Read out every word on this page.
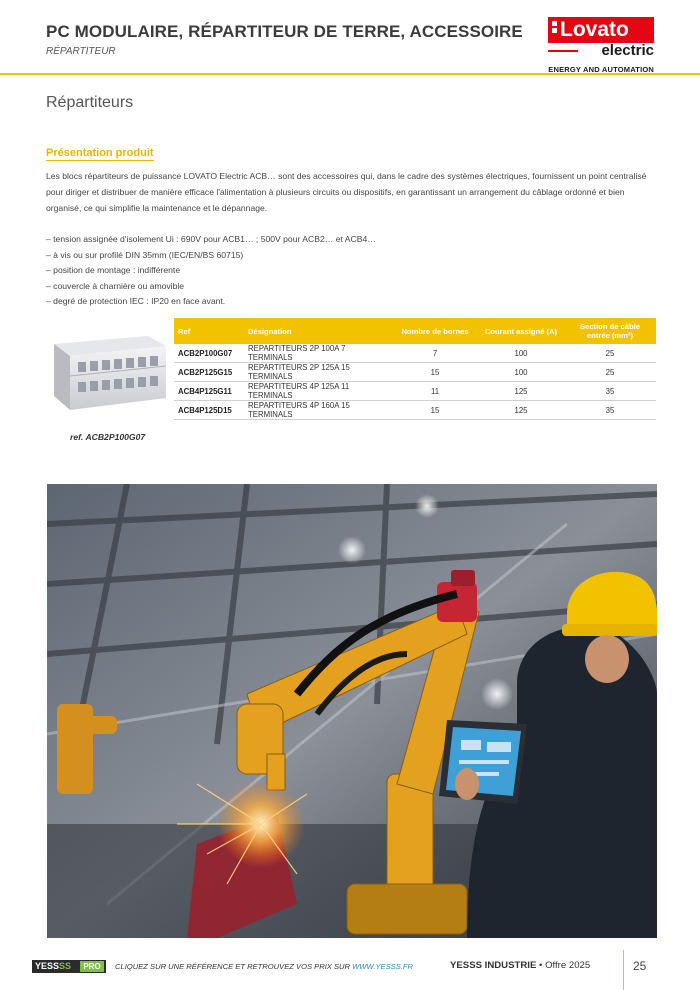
PC MODULAIRE, RÉPARTITEUR DE TERRE, ACCESSOIRE
RÉPARTITEUR
Lovato
electric
ENERGY AND AUTOMATION
Répartiteurs
Présentation produit

Les blocs répartiteurs de puissance LOVATO Electric ACB… sont des accessoires qui, dans le cadre des systèmes électriques, fournissent un point centralisé pour diriger et distribuer de manière efficace l'alimentation à plusieurs circuits ou dispositifs, en garantissant un arrangement du câblage ordonné et bien organisé, ce qui simplifie la maintenance et le dépannage.

– tension assignée d'isolement Ui : 690V pour ACB1… ; 500V pour ACB2… et ACB4…
– à vis ou sur profilé DIN 35mm (IEC/EN/BS 60715)
– position de montage : indifférente
– couvercle à charnière ou amovible
– degré de protection IEC : IP20 en face avant.
ref. ACB2P100G07
Ref	Désignation	Nombre de bornes	Courant assigné (A)	Section de câble entrée (mm²)
ACB2P100G07	REPARTITEURS 2P 100A 7 TERMINALS	7	100	25
ACB2P125G15	REPARTITEURS 2P 125A 15 TERMINALS	15	100	25
ACB4P125G11	REPARTITEURS 4P 125A 11 TERMINALS	11	125	35
ACB4P125D15	REPARTITEURS 4P 160A 15 TERMINALS	15	125	35
YESS SS	PRO	CLIQUEZ SUR UNE RÉFÉRENCE ET RETROUVEZ VOS PRIX SUR WWW.YESSS.FR	YESSS INDUSTRIE • Offre 2025	25
